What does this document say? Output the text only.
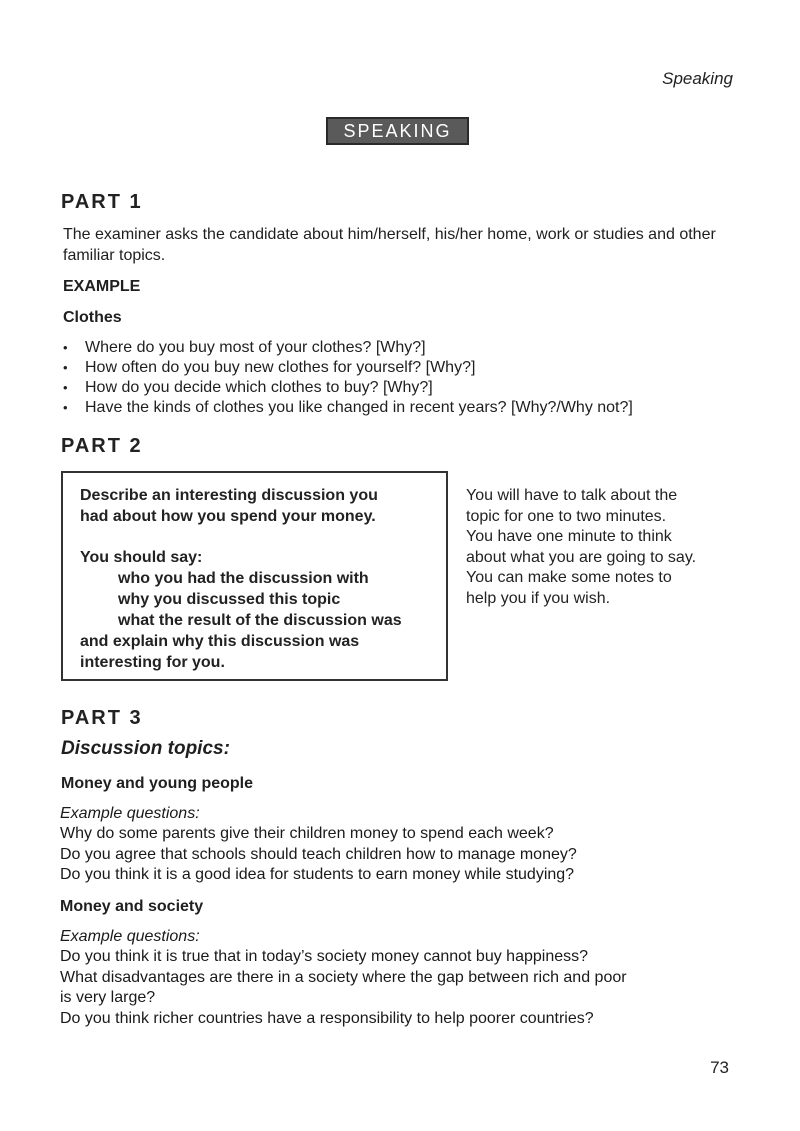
Speaking
SPEAKING
PART 1
The examiner asks the candidate about him/herself, his/her home, work or studies and other familiar topics.
EXAMPLE
Clothes
• Where do you buy most of your clothes? [Why?]
• How often do you buy new clothes for yourself? [Why?]
• How do you decide which clothes to buy? [Why?]
• Have the kinds of clothes you like changed in recent years? [Why?/Why not?]
PART 2
Describe an interesting discussion you
had about how you spend your money.
You should say:
who you had the discussion with
why you discussed this topic
what the result of the discussion was
and explain why this discussion was
interesting for you.
You will have to talk about the
topic for one to two minutes.
You have one minute to think
about what you are going to say.
You can make some notes to
help you if you wish.
PART 3
Discussion topics:
Money and young people
Example questions:
Why do some parents give their children money to spend each week?
Do you agree that schools should teach children how to manage money?
Do you think it is a good idea for students to earn money while studying?
Money and society
Example questions:
Do you think it is true that in today’s society money cannot buy happiness?
What disadvantages are there in a society where the gap between rich and poor
is very large?
Do you think richer countries have a responsibility to help poorer countries?
73
